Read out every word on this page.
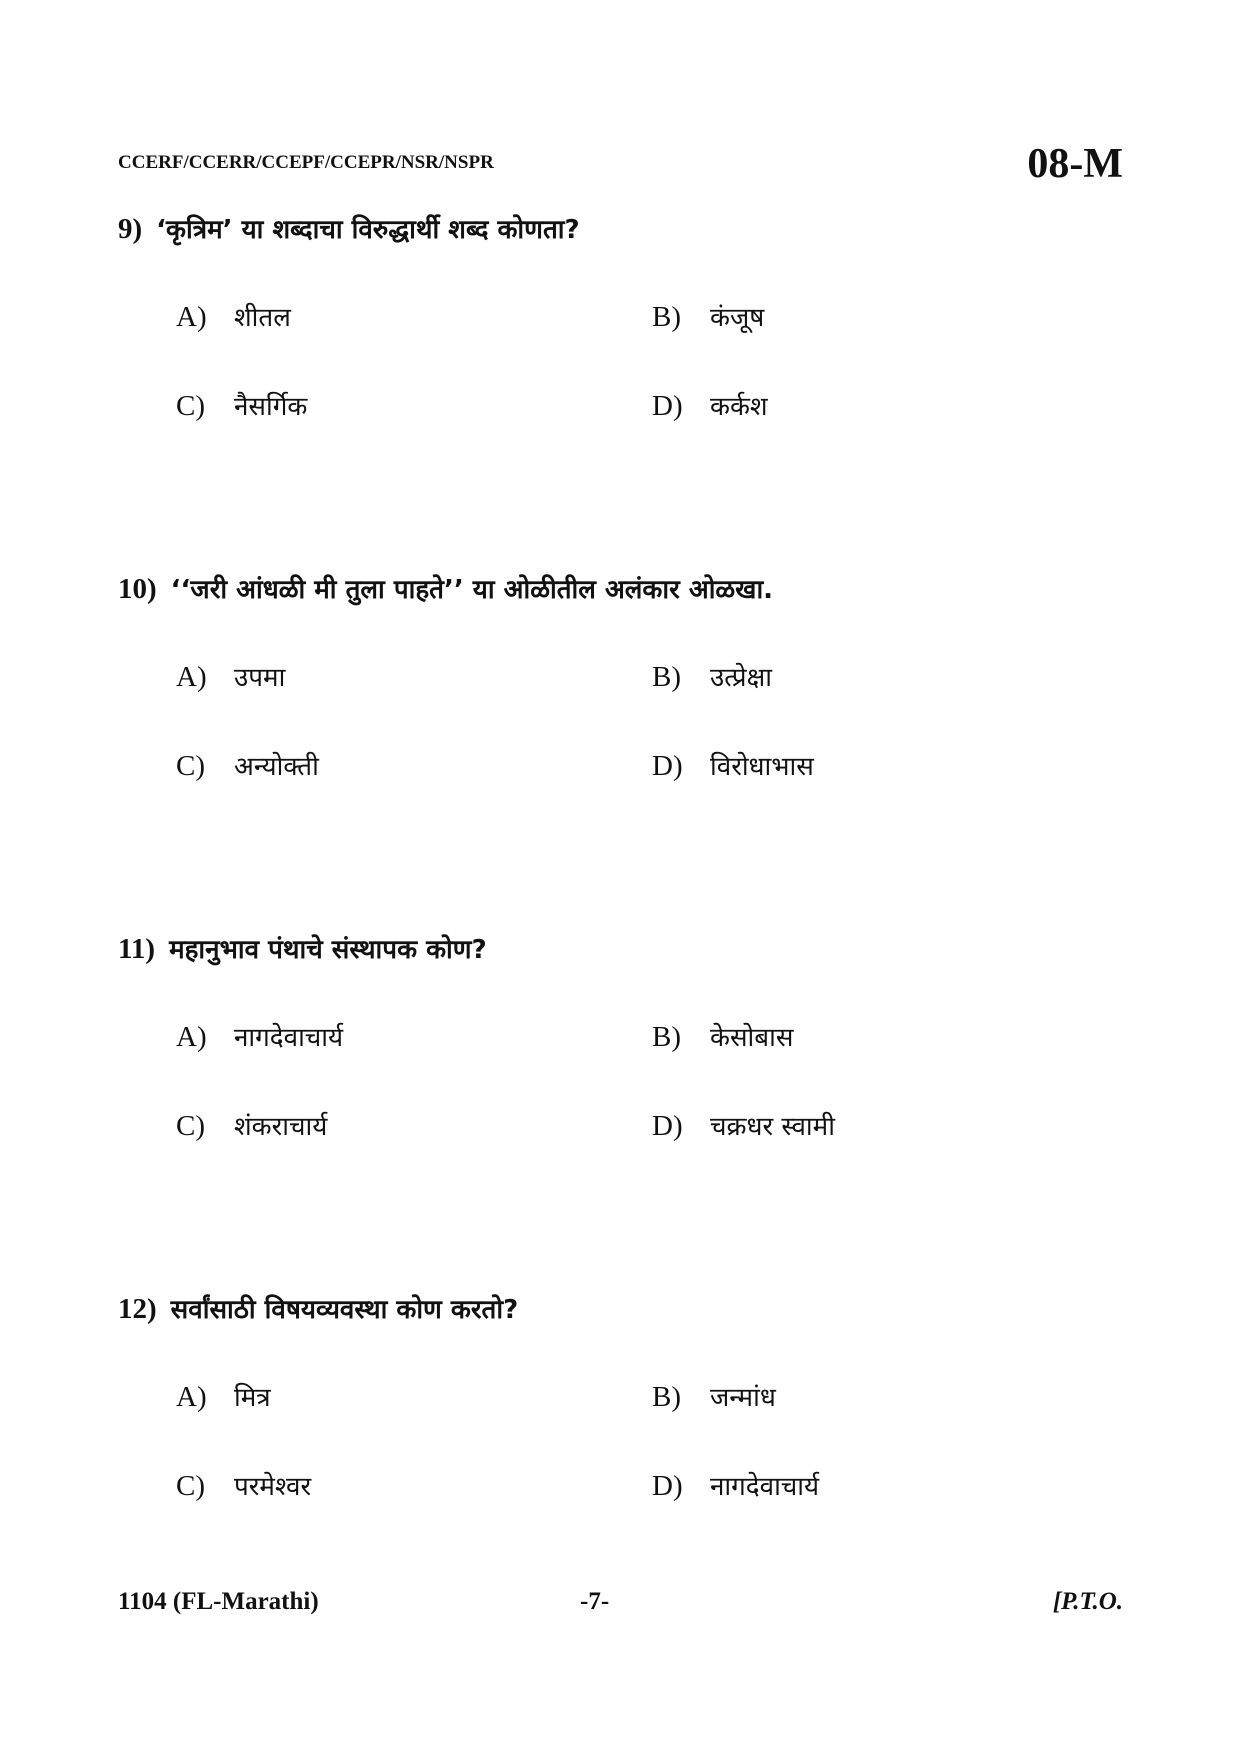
CCERF/CCERR/CCEPF/CCEPR/NSR/NSPR	08-M
9) ‘कृत्रिम’ या शब्दाचा विरुद्धार्थी शब्द कोणता?
A)	शीतल	B)	कंजूष
C)	नैसर्गिक	D)	कर्कश
10) ‘‘जरी आंधळी मी तुला पाहते’’ या ओळीतील अलंकार ओळखा.
A)	उपमा	B)	उत्प्रेक्षा
C)	अन्योक्ती	D)	विरोधाभास
11) महानुभाव पंथाचे संस्थापक कोण?
A)	नागदेवाचार्य	B)	केसोबास
C)	शंकराचार्य	D)	चक्रधर स्वामी
12) सर्वांसाठी विषयव्यवस्था कोण करतो?
A)	मित्र	B)	जन्मांध
C)	परमेश्वर	D)	नागदेवाचार्य
1104 (FL-Marathi)	-7-	[P.T.O.
